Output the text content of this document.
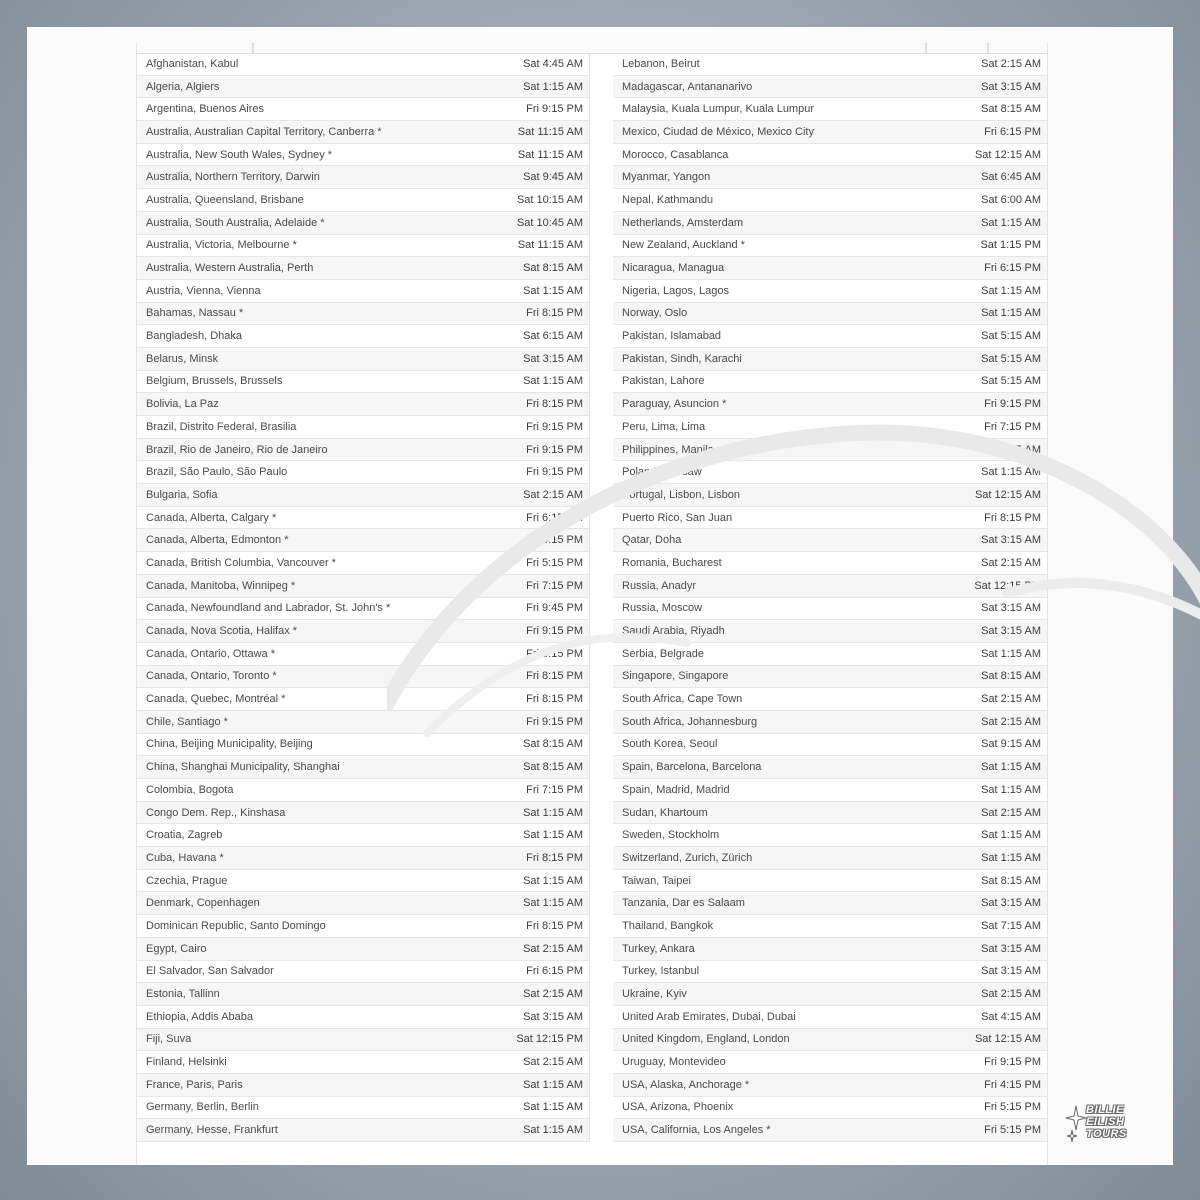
Afghanistan, Kabul	Sat 4:45 AM
Algeria, Algiers	Sat 1:15 AM
Argentina, Buenos Aires	Fri 9:15 PM
Australia, Australian Capital Territory, Canberra *	Sat 11:15 AM
Australia, New South Wales, Sydney *	Sat 11:15 AM
Australia, Northern Territory, Darwin	Sat 9:45 AM
Australia, Queensland, Brisbane	Sat 10:15 AM
Australia, South Australia, Adelaide *	Sat 10:45 AM
Australia, Victoria, Melbourne *	Sat 11:15 AM
Australia, Western Australia, Perth	Sat 8:15 AM
Austria, Vienna, Vienna	Sat 1:15 AM
Bahamas, Nassau *	Fri 8:15 PM
Bangladesh, Dhaka	Sat 6:15 AM
Belarus, Minsk	Sat 3:15 AM
Belgium, Brussels, Brussels	Sat 1:15 AM
Bolivia, La Paz	Fri 8:15 PM
Brazil, Distrito Federal, Brasilia	Fri 9:15 PM
Brazil, Rio de Janeiro, Rio de Janeiro	Fri 9:15 PM
Brazil, São Paulo, São Paulo	Fri 9:15 PM
Bulgaria, Sofia	Sat 2:15 AM
Canada, Alberta, Calgary *	Fri 6:15 PM
Canada, Alberta, Edmonton *	Fri 6:15 PM
Canada, British Columbia, Vancouver *	Fri 5:15 PM
Canada, Manitoba, Winnipeg *	Fri 7:15 PM
Canada, Newfoundland and Labrador, St. John's *	Fri 9:45 PM
Canada, Nova Scotia, Halifax *	Fri 9:15 PM
Canada, Ontario, Ottawa *	Fri 8:15 PM
Canada, Ontario, Toronto *	Fri 8:15 PM
Canada, Quebec, Montréal *	Fri 8:15 PM
Chile, Santiago *	Fri 9:15 PM
China, Beijing Municipality, Beijing	Sat 8:15 AM
China, Shanghai Municipality, Shanghai	Sat 8:15 AM
Colombia, Bogota	Fri 7:15 PM
Congo Dem. Rep., Kinshasa	Sat 1:15 AM
Croatia, Zagreb	Sat 1:15 AM
Cuba, Havana *	Fri 8:15 PM
Czechia, Prague	Sat 1:15 AM
Denmark, Copenhagen	Sat 1:15 AM
Dominican Republic, Santo Domingo	Fri 8:15 PM
Egypt, Cairo	Sat 2:15 AM
El Salvador, San Salvador	Fri 6:15 PM
Estonia, Tallinn	Sat 2:15 AM
Ethiopia, Addis Ababa	Sat 3:15 AM
Fiji, Suva	Sat 12:15 PM
Finland, Helsinki	Sat 2:15 AM
France, Paris, Paris	Sat 1:15 AM
Germany, Berlin, Berlin	Sat 1:15 AM
Germany, Hesse, Frankfurt	Sat 1:15 AM
Lebanon, Beirut	Sat 2:15 AM
Madagascar, Antananarivo	Sat 3:15 AM
Malaysia, Kuala Lumpur, Kuala Lumpur	Sat 8:15 AM
Mexico, Ciudad de México, Mexico City	Fri 6:15 PM
Morocco, Casablanca	Sat 12:15 AM
Myanmar, Yangon	Sat 6:45 AM
Nepal, Kathmandu	Sat 6:00 AM
Netherlands, Amsterdam	Sat 1:15 AM
New Zealand, Auckland *	Sat 1:15 PM
Nicaragua, Managua	Fri 6:15 PM
Nigeria, Lagos, Lagos	Sat 1:15 AM
Norway, Oslo	Sat 1:15 AM
Pakistan, Islamabad	Sat 5:15 AM
Pakistan, Sindh, Karachi	Sat 5:15 AM
Pakistan, Lahore	Sat 5:15 AM
Paraguay, Asuncion *	Fri 9:15 PM
Peru, Lima, Lima	Fri 7:15 PM
Philippines, Manila	Sat 8:15 AM
Poland, Warsaw	Sat 1:15 AM
Portugal, Lisbon, Lisbon	Sat 12:15 AM
Puerto Rico, San Juan	Fri 8:15 PM
Qatar, Doha	Sat 3:15 AM
Romania, Bucharest	Sat 2:15 AM
Russia, Anadyr	Sat 12:15 PM
Russia, Moscow	Sat 3:15 AM
Saudi Arabia, Riyadh	Sat 3:15 AM
Serbia, Belgrade	Sat 1:15 AM
Singapore, Singapore	Sat 8:15 AM
South Africa, Cape Town	Sat 2:15 AM
South Africa, Johannesburg	Sat 2:15 AM
South Korea, Seoul	Sat 9:15 AM
Spain, Barcelona, Barcelona	Sat 1:15 AM
Spain, Madrid, Madrid	Sat 1:15 AM
Sudan, Khartoum	Sat 2:15 AM
Sweden, Stockholm	Sat 1:15 AM
Switzerland, Zurich, Zürich	Sat 1:15 AM
Taiwan, Taipei	Sat 8:15 AM
Tanzania, Dar es Salaam	Sat 3:15 AM
Thailand, Bangkok	Sat 7:15 AM
Turkey, Ankara	Sat 3:15 AM
Turkey, Istanbul	Sat 3:15 AM
Ukraine, Kyiv	Sat 2:15 AM
United Arab Emirates, Dubai, Dubai	Sat 4:15 AM
United Kingdom, England, London	Sat 12:15 AM
Uruguay, Montevideo	Fri 9:15 PM
USA, Alaska, Anchorage *	Fri 4:15 PM
USA, Arizona, Phoenix	Fri 5:15 PM
USA, California, Los Angeles *	Fri 5:15 PM
BILLIE
EILISH
TOURS
